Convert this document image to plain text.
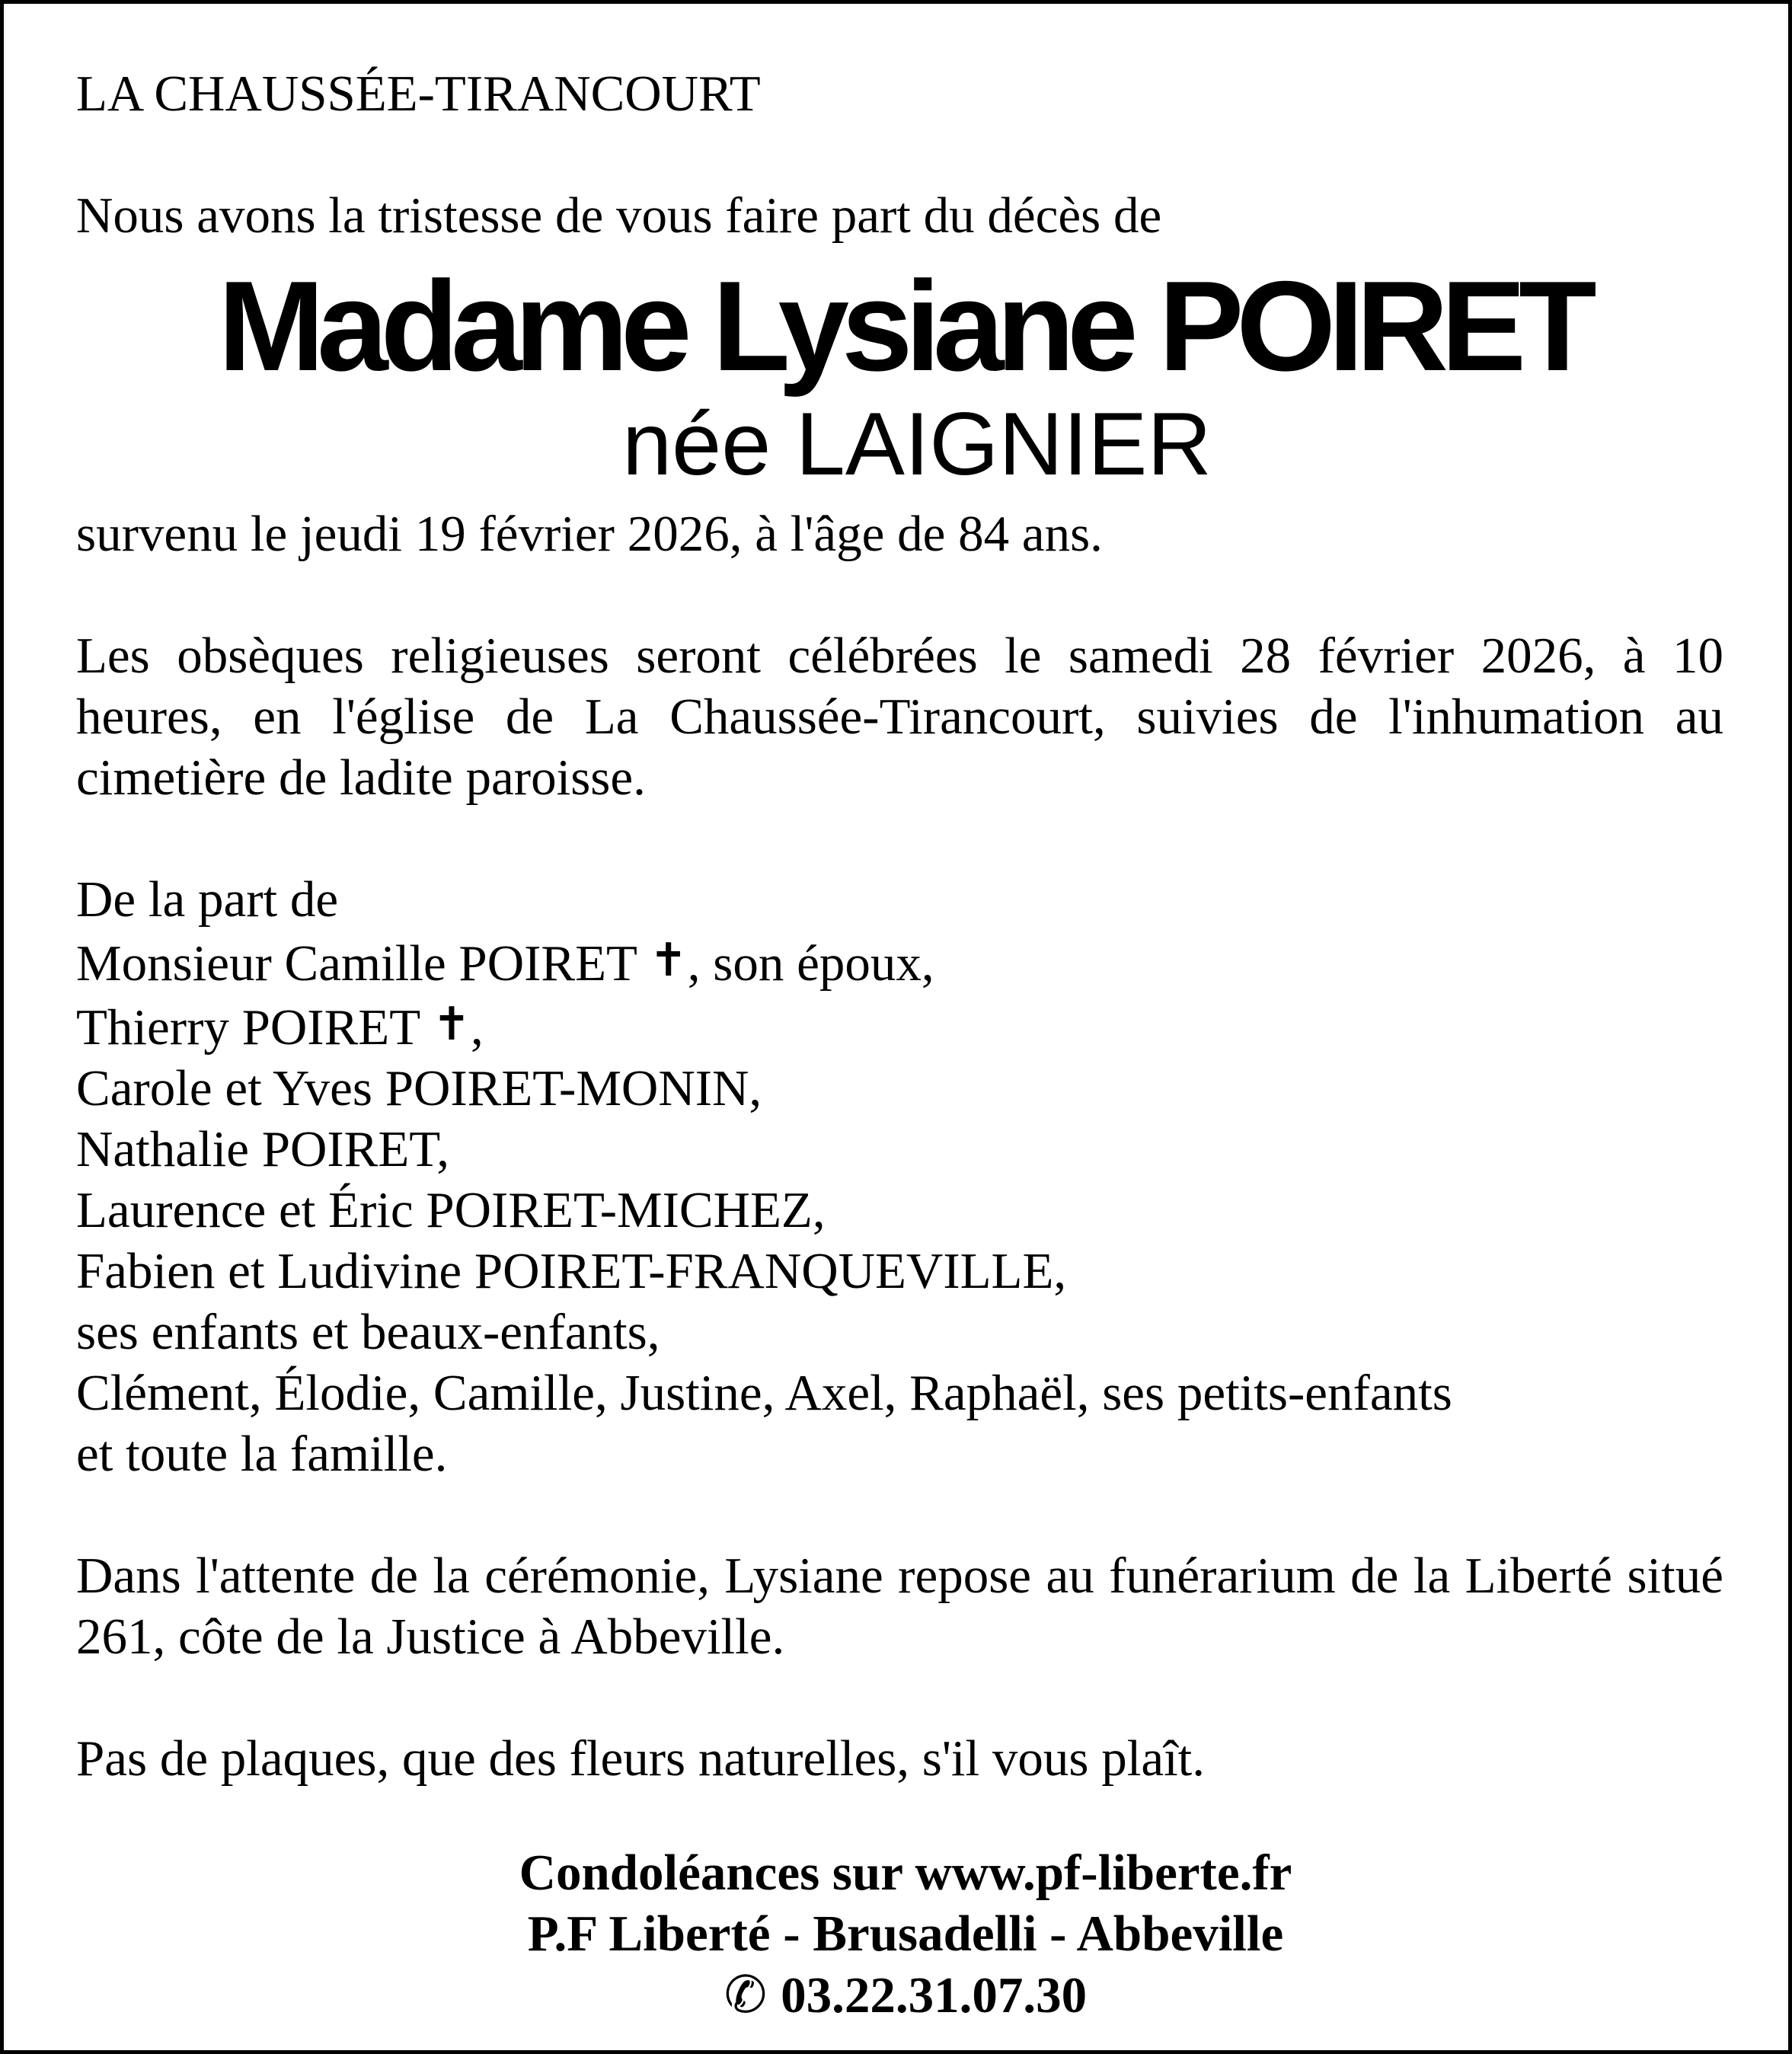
LA CHAUSSÉE-TIRANCOURT
Nous avons la tristesse de vous faire part du décès de
Madame Lysiane POIRET
née LAIGNIER
survenu le jeudi 19 février 2026, à l'âge de 84 ans.
Les obsèques religieuses seront célébrées le samedi 28 février 2026, à 10 heures, en l'église de La Chaussée-Tirancourt, suivies de l'inhumation au cimetière de ladite paroisse.
De la part de
Monsieur Camille POIRET ✝, son époux,
Thierry POIRET ✝,
Carole et Yves POIRET-MONIN,
Nathalie POIRET,
Laurence et Éric POIRET-MICHEZ,
Fabien et Ludivine POIRET-FRANQUEVILLE,
ses enfants et beaux-enfants,
Clément, Élodie, Camille, Justine, Axel, Raphaël, ses petits-enfants
et toute la famille.
Dans l'attente de la cérémonie, Lysiane repose au funérarium de la Liberté situé 261, côte de la Justice à Abbeville.
Pas de plaques, que des fleurs naturelles, s'il vous plaît.
Condoléances sur www.pf-liberte.fr
P.F Liberté - Brusadelli - Abbeville
✆ 03.22.31.07.30
